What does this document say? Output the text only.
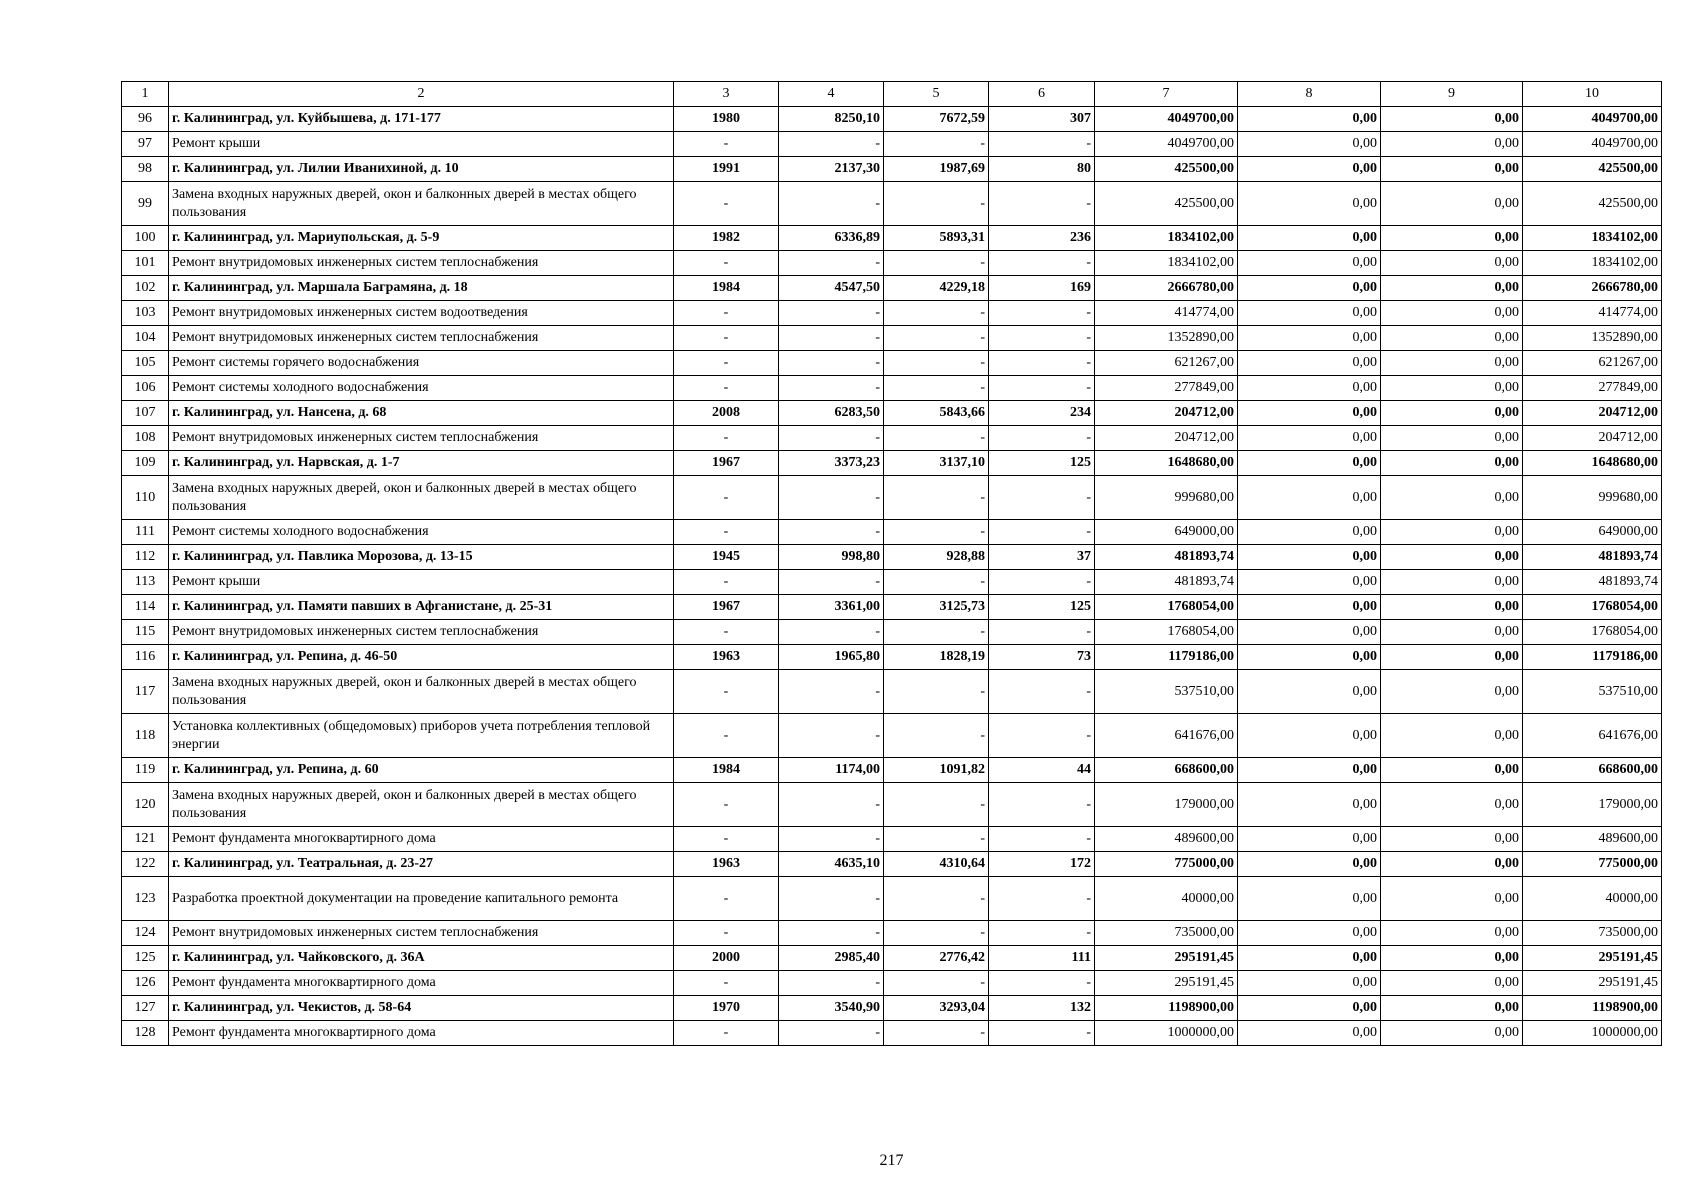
1	2	3	4	5	6	7	8	9	10
96	г. Калининград, ул. Куйбышева, д. 171-177	1980	8250,10	7672,59	307	4049700,00	0,00	0,00	4049700,00
97	Ремонт крыши	-	-	-	-	4049700,00	0,00	0,00	4049700,00
98	г. Калининград, ул. Лилии Иванихиной, д. 10	1991	2137,30	1987,69	80	425500,00	0,00	0,00	425500,00
99	Замена входных наружных дверей, окон и балконных дверей в местах общего пользования	-	-	-	-	425500,00	0,00	0,00	425500,00
100	г. Калининград, ул. Мариупольская, д. 5-9	1982	6336,89	5893,31	236	1834102,00	0,00	0,00	1834102,00
101	Ремонт внутридомовых инженерных систем теплоснабжения	-	-	-	-	1834102,00	0,00	0,00	1834102,00
102	г. Калининград, ул. Маршала Баграмяна, д. 18	1984	4547,50	4229,18	169	2666780,00	0,00	0,00	2666780,00
103	Ремонт внутридомовых инженерных систем водоотведения	-	-	-	-	414774,00	0,00	0,00	414774,00
104	Ремонт внутридомовых инженерных систем теплоснабжения	-	-	-	-	1352890,00	0,00	0,00	1352890,00
105	Ремонт системы горячего водоснабжения	-	-	-	-	621267,00	0,00	0,00	621267,00
106	Ремонт системы холодного водоснабжения	-	-	-	-	277849,00	0,00	0,00	277849,00
107	г. Калининград, ул. Нансена, д. 68	2008	6283,50	5843,66	234	204712,00	0,00	0,00	204712,00
108	Ремонт внутридомовых инженерных систем теплоснабжения	-	-	-	-	204712,00	0,00	0,00	204712,00
109	г. Калининград, ул. Нарвская, д. 1-7	1967	3373,23	3137,10	125	1648680,00	0,00	0,00	1648680,00
110	Замена входных наружных дверей, окон и балконных дверей в местах общего пользования	-	-	-	-	999680,00	0,00	0,00	999680,00
111	Ремонт системы холодного водоснабжения	-	-	-	-	649000,00	0,00	0,00	649000,00
112	г. Калининград, ул. Павлика Морозова, д. 13-15	1945	998,80	928,88	37	481893,74	0,00	0,00	481893,74
113	Ремонт крыши	-	-	-	-	481893,74	0,00	0,00	481893,74
114	г. Калининград, ул. Памяти павших в Афганистане, д. 25-31	1967	3361,00	3125,73	125	1768054,00	0,00	0,00	1768054,00
115	Ремонт внутридомовых инженерных систем теплоснабжения	-	-	-	-	1768054,00	0,00	0,00	1768054,00
116	г. Калининград, ул. Репина, д. 46-50	1963	1965,80	1828,19	73	1179186,00	0,00	0,00	1179186,00
117	Замена входных наружных дверей, окон и балконных дверей в местах общего пользования	-	-	-	-	537510,00	0,00	0,00	537510,00
118	Установка коллективных (общедомовых) приборов учета потребления тепловой энергии	-	-	-	-	641676,00	0,00	0,00	641676,00
119	г. Калининград, ул. Репина, д. 60	1984	1174,00	1091,82	44	668600,00	0,00	0,00	668600,00
120	Замена входных наружных дверей, окон и балконных дверей в местах общего пользования	-	-	-	-	179000,00	0,00	0,00	179000,00
121	Ремонт фундамента многоквартирного дома	-	-	-	-	489600,00	0,00	0,00	489600,00
122	г. Калининград, ул. Театральная, д. 23-27	1963	4635,10	4310,64	172	775000,00	0,00	0,00	775000,00
123	Разработка проектной документации на проведение капитального ремонта	-	-	-	-	40000,00	0,00	0,00	40000,00
124	Ремонт внутридомовых инженерных систем теплоснабжения	-	-	-	-	735000,00	0,00	0,00	735000,00
125	г. Калининград, ул. Чайковского, д. 36А	2000	2985,40	2776,42	111	295191,45	0,00	0,00	295191,45
126	Ремонт фундамента многоквартирного дома	-	-	-	-	295191,45	0,00	0,00	295191,45
127	г. Калининград, ул. Чекистов, д. 58-64	1970	3540,90	3293,04	132	1198900,00	0,00	0,00	1198900,00
128	Ремонт фундамента многоквартирного дома	-	-	-	-	1000000,00	0,00	0,00	1000000,00
217
